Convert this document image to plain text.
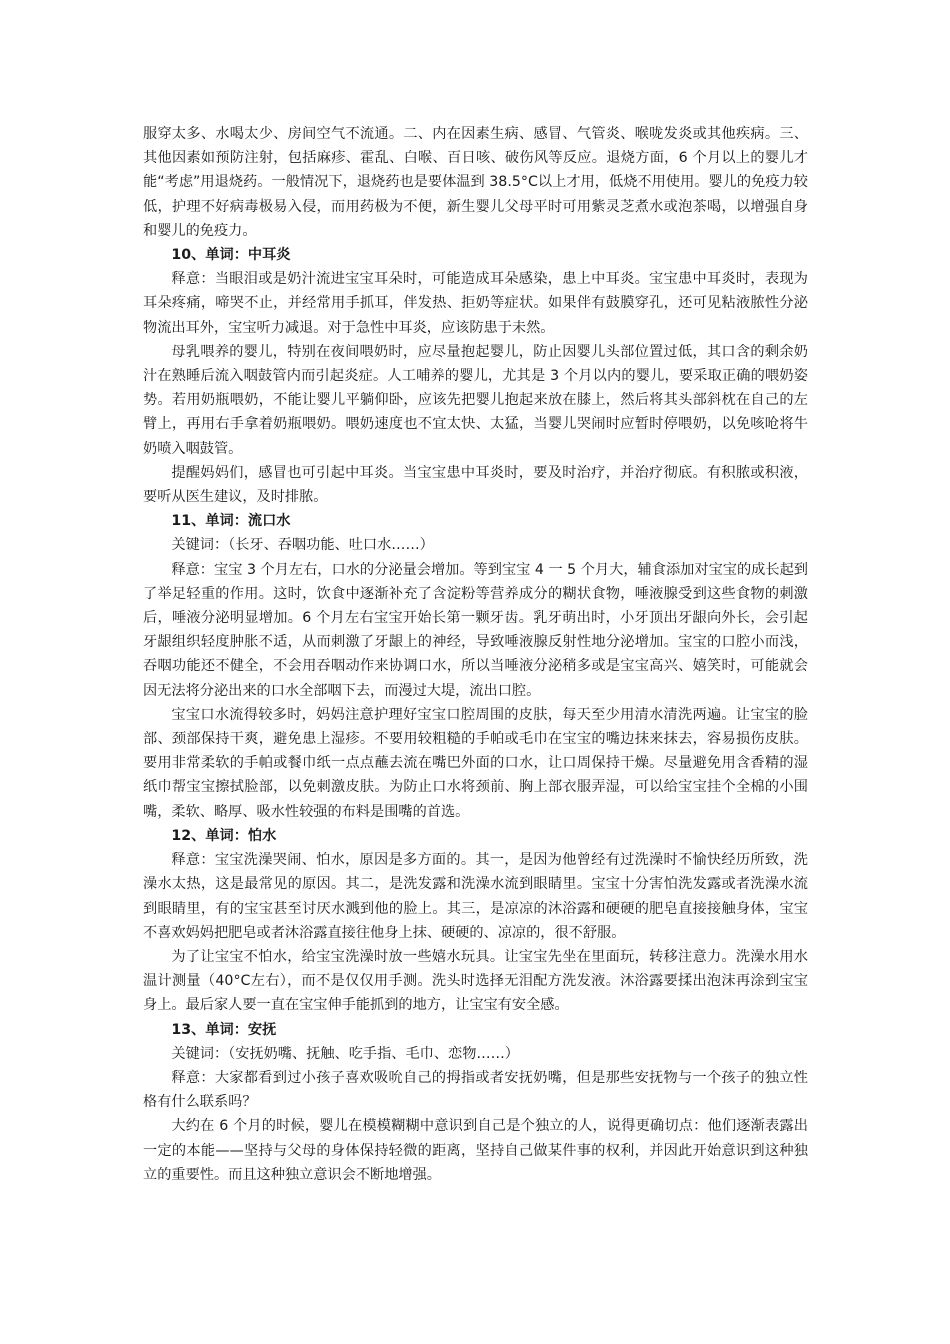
服穿太多、水喝太少、房间空气不流通。二、内在因素生病、感冒、气管炎、喉咙发炎或其他疾病。三、其他因素如预防注射，包括麻疹、霍乱、白喉、百日咳、破伤风等反应。退烧方面，6 个月以上的婴儿才能“考虑”用退烧药。一般情况下，退烧药也是要体温到 38.5°C以上才用，低烧不用使用。婴儿的免疫力较低，护理不好病毒极易入侵，而用药极为不便，新生婴儿父母平时可用紫灵芝煮水或泡茶喝，以增强自身和婴儿的免疫力。

10、单词：中耳炎

释意：当眼泪或是奶汁流进宝宝耳朵时，可能造成耳朵感染，患上中耳炎。宝宝患中耳炎时，表现为耳朵疼痛，啼哭不止，并经常用手抓耳，伴发热、拒奶等症状。如果伴有鼓膜穿孔，还可见粘液脓性分泌物流出耳外，宝宝听力减退。对于急性中耳炎，应该防患于未然。

母乳喂养的婴儿，特别在夜间喂奶时，应尽量抱起婴儿，防止因婴儿头部位置过低，其口含的剩余奶汁在熟睡后流入咽鼓管内而引起炎症。人工哺养的婴儿，尤其是 3 个月以内的婴儿，要采取正确的喂奶姿势。若用奶瓶喂奶，不能让婴儿平躺仰卧，应该先把婴儿抱起来放在膝上，然后将其头部斜枕在自己的左臂上，再用右手拿着奶瓶喂奶。喂奶速度也不宜太快、太猛，当婴儿哭闹时应暂时停喂奶，以免咳呛将牛奶喷入咽鼓管。

提醒妈妈们，感冒也可引起中耳炎。当宝宝患中耳炎时，要及时治疗，并治疗彻底。有积脓或积液，要听从医生建议，及时排脓。

11、单词：流口水

关键词：（长牙、吞咽功能、吐口水……）

释意：宝宝 3 个月左右，口水的分泌量会增加。等到宝宝 4 一 5 个月大，辅食添加对宝宝的成长起到了举足轻重的作用。这时，饮食中逐渐补充了含淀粉等营养成分的糊状食物，唾液腺受到这些食物的刺激后，唾液分泌明显增加。6 个月左右宝宝开始长第一颗牙齿。乳牙萌出时，小牙顶出牙龈向外长，会引起牙龈组织轻度肿胀不适，从而刺激了牙龈上的神经，导致唾液腺反射性地分泌增加。宝宝的口腔小而浅，吞咽功能还不健全，不会用吞咽动作来协调口水，所以当唾液分泌稍多或是宝宝高兴、嬉笑时，可能就会因无法将分泌出来的口水全部咽下去，而漫过大堤，流出口腔。

宝宝口水流得较多时，妈妈注意护理好宝宝口腔周围的皮肤，每天至少用清水清洗两遍。让宝宝的脸部、颈部保持干爽，避免患上湿疹。不要用较粗糙的手帕或毛巾在宝宝的嘴边抹来抹去，容易损伤皮肤。要用非常柔软的手帕或餐巾纸一点点蘸去流在嘴巴外面的口水，让口周保持干燥。尽量避免用含香精的湿纸巾帮宝宝擦拭脸部，以免刺激皮肤。为防止口水将颈前、胸上部衣服弄湿，可以给宝宝挂个全棉的小围嘴，柔软、略厚、吸水性较强的布料是围嘴的首选。

12、单词：怕水

释意：宝宝洗澡哭闹、怕水，原因是多方面的。其一，是因为他曾经有过洗澡时不愉快经历所致，洗澡水太热，这是最常见的原因。其二，是洗发露和洗澡水流到眼睛里。宝宝十分害怕洗发露或者洗澡水流到眼睛里，有的宝宝甚至讨厌水溅到他的脸上。其三，是凉凉的沐浴露和硬硬的肥皂直接接触身体，宝宝不喜欢妈妈把肥皂或者沐浴露直接往他身上抹、硬硬的、凉凉的，很不舒服。

为了让宝宝不怕水，给宝宝洗澡时放一些嬉水玩具。让宝宝先坐在里面玩，转移注意力。洗澡水用水温计测量（40°C左右），而不是仅仅用手测。洗头时选择无泪配方洗发液。沐浴露要揉出泡沫再涂到宝宝身上。最后家人要一直在宝宝伸手能抓到的地方，让宝宝有安全感。

13、单词：安抚

关键词：（安抚奶嘴、抚触、吃手指、毛巾、恋物……）

释意：大家都看到过小孩子喜欢吸吮自己的拇指或者安抚奶嘴，但是那些安抚物与一个孩子的独立性格有什么联系吗？

大约在 6 个月的时候，婴儿在模模糊糊中意识到自己是个独立的人，说得更确切点：他们逐渐表露出一定的本能——坚持与父母的身体保持轻微的距离，坚持自己做某件事的权利，并因此开始意识到这种独立的重要性。而且这种独立意识会不断地增强。
